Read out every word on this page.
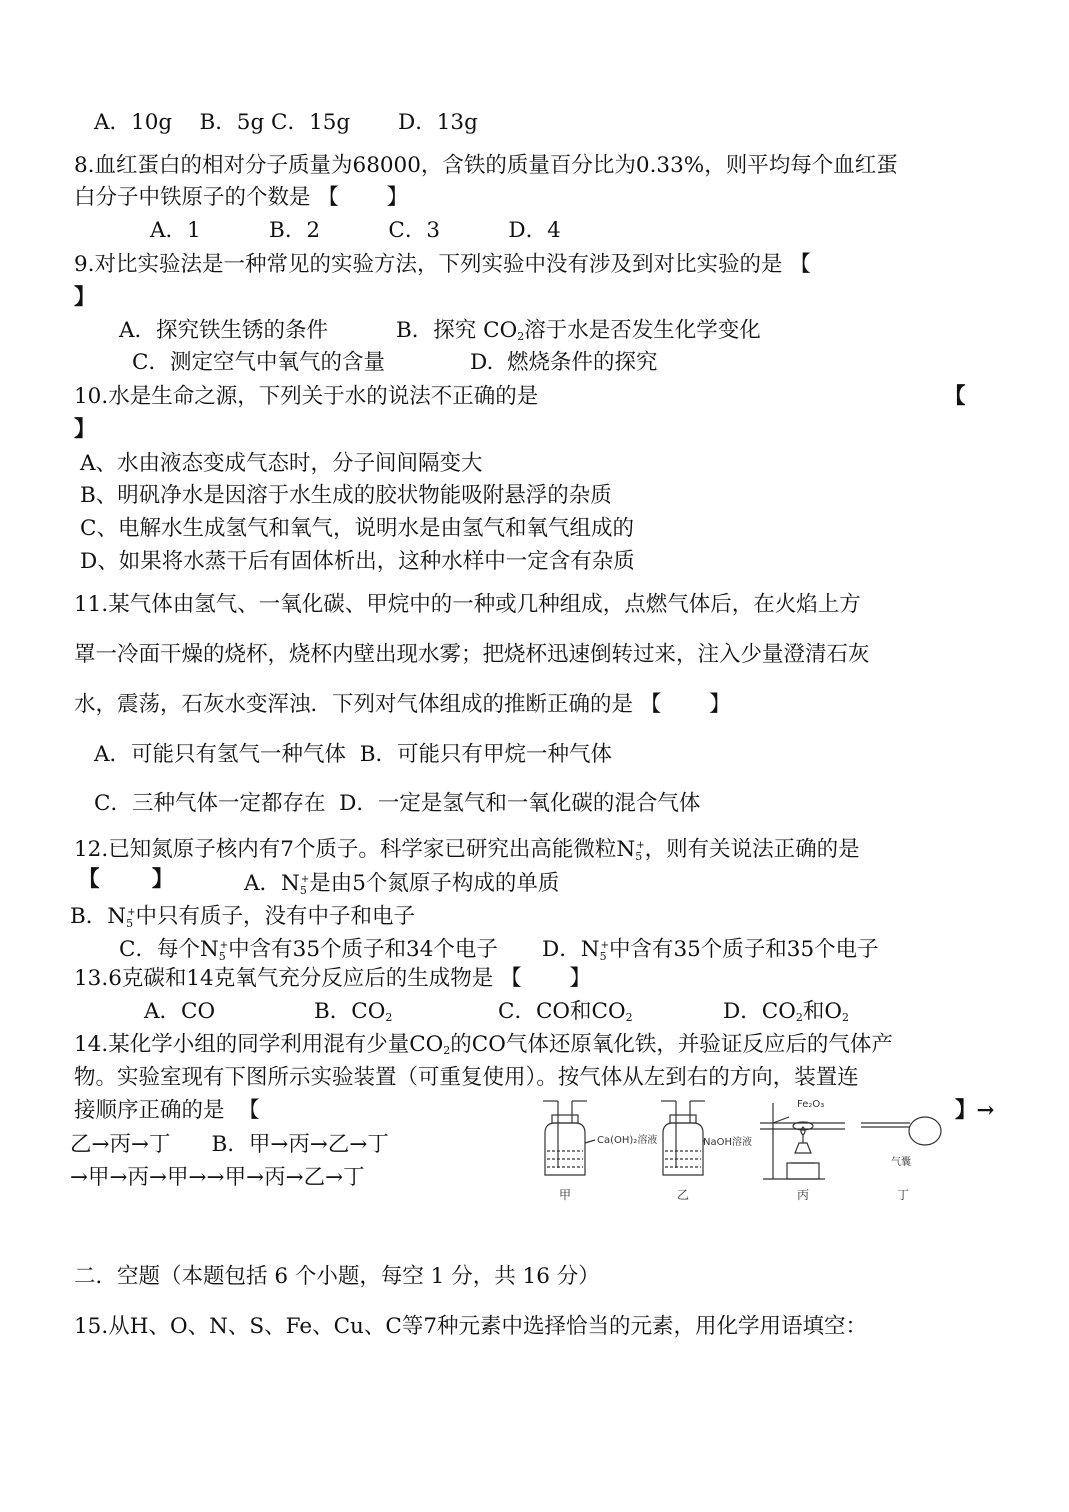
A．10g    B．5g C．15g       D．13g
8.血红蛋白的相对分子质量为68000，含铁的质量百分比为0.33%，则平均每个血红蛋
白分子中铁原子的个数是 【       】
A．1          B．2          C．3          D．4
9.对比实验法是一种常见的实验方法，下列实验中没有涉及到对比实验的是 【
】
A．探究铁生锈的条件	B．探究 $CO_2$溶于水是否发生化学变化
C．测定空气中氧气的含量	D.  燃烧条件的探究
10.水是生命之源，下列关于水的说法不正确的是	【
】
A、水由液态变成气态时，分子间间隔变大
B、明矾净水是因溶于水生成的胶状物能吸附悬浮的杂质
C、电解水生成氢气和氧气，说明水是由氢气和氧气组成的
D、如果将水蒸干后有固体析出，这种水样中一定含有杂质
11.某气体由氢气、一氧化碳、甲烷中的一种或几种组成，点燃气体后，在火焰上方
罩一冷面干燥的烧杯，烧杯内壁出现水雾；把烧杯迅速倒转过来，注入少量澄清石灰
水，震荡，石灰水变浑浊．下列对气体组成的推断正确的是 【       】
A．可能只有氢气一种气体  B．可能只有甲烷一种气体
C．三种气体一定都存在  D．一定是氢气和一氧化碳的混合气体
12.已知氮原子核内有7个质子。科学家已研究出高能微粒N5+，则有关说法正确的是
【       】	A．N5+是由5个氮原子构成的单质
B．N5+中只有质子，没有中子和电子
C．每个N5+中含有35个质子和34个电子 D．N5+中含有35个质子和35个电子
13.6克碳和14克氧气充分反应后的生成物是 【       】
A．CO	B．$CO_2$	C．CO和$CO_2$	D．$CO_2$和$O_2$
14.某化学小组的同学利用混有少量$CO_2$的CO气体还原氧化铁，并验证反应后的气体产
物。实验室现有下图所示实验装置（可重复使用）。按气体从左到右的方向，装置连
接顺序正确的是  【	】→
乙→丙→丁      B．甲→丙→乙→丁
→甲→丙→甲→→甲→丙→乙→丁
Ca(OH)₂溶液
甲
NaOH溶液
乙
Fe₂O₃
丙
气囊
丁
二．空题（本题包括 6 个小题，每空 1 分，共 16 分）
15.从H、O、N、S、Fe、Cu、C等7种元素中选择恰当的元素，用化学用语填空：
